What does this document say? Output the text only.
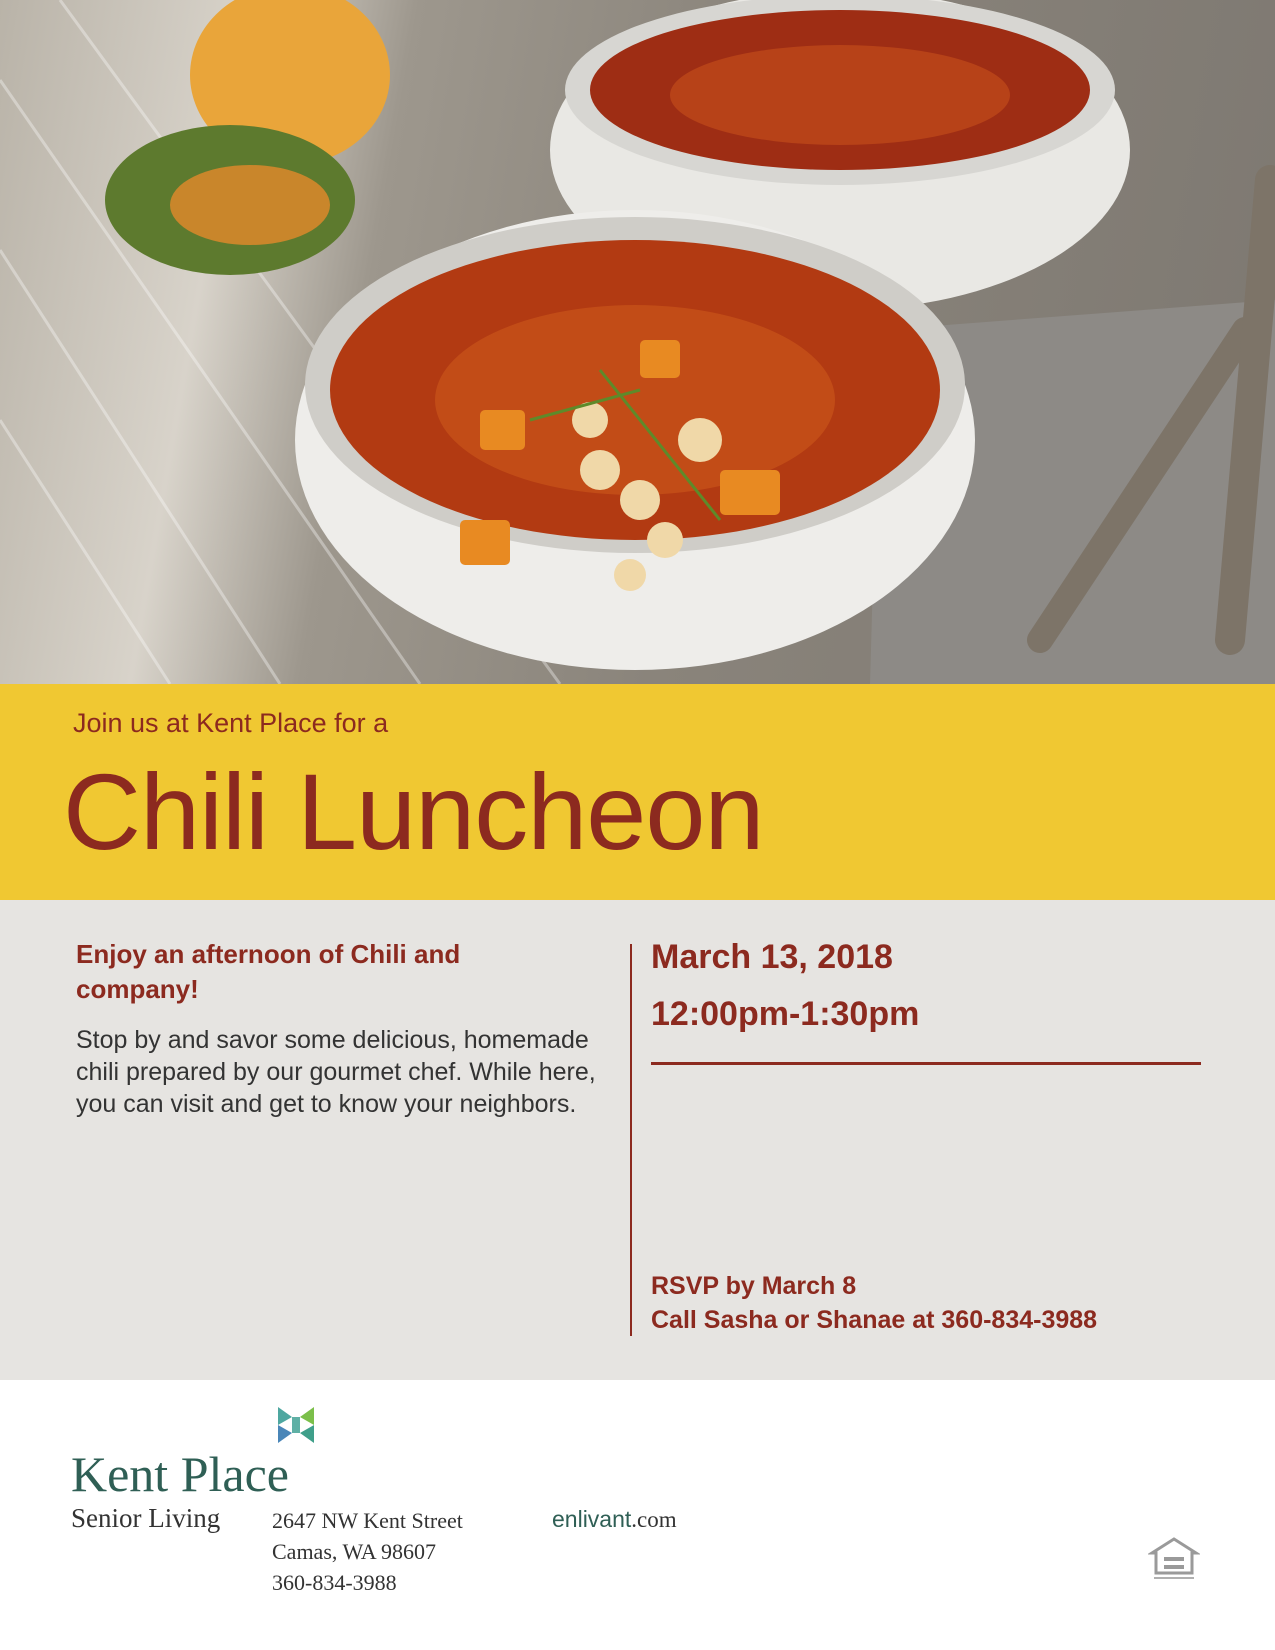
Join us at Kent Place for a
Chili Luncheon
Enjoy an afternoon of Chili and company!
Stop by and savor some delicious, homemade chili prepared by our gourmet chef. While here, you can visit and get to know your neighbors.
March 13, 2018
12:00pm-1:30pm
RSVP by March 8
Call Sasha or Shanae at 360-834-3988
Kent Place
Senior Living 2647 NW Kent Street
Camas, WA 98607
360-834-3988
enlivant.com
